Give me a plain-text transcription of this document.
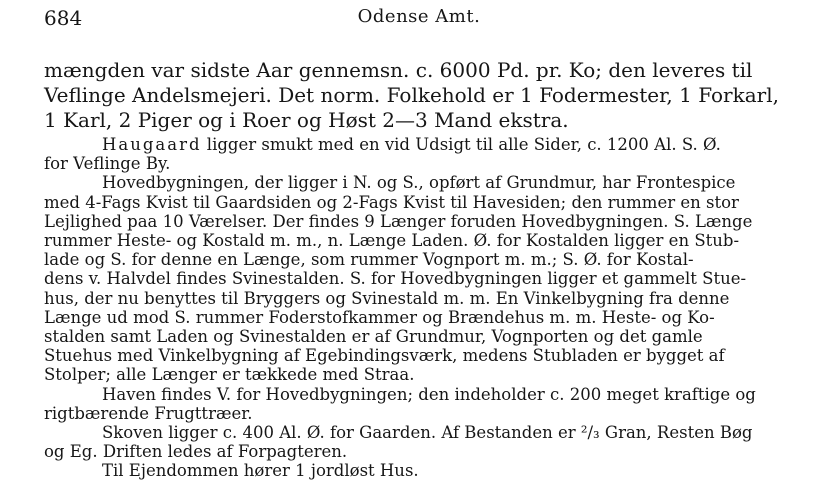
684	Odense Amt.
mængden var sidste Aar gennemsn. c. 6000 Pd. pr. Ko; den leveres til
Veflinge Andelsmejeri. Det norm. Folkehold er 1 Fodermester, 1 Forkarl,
1 Karl, 2 Piger og i Roer og Høst 2—3 Mand ekstra.
Haugaard ligger smukt med en vid Udsigt til alle Sider, c. 1200 Al. S. Ø.
for Veflinge By.
Hovedbygningen, der ligger i N. og S., opført af Grundmur, har Frontespice
med 4-Fags Kvist til Gaardsiden og 2-Fags Kvist til Havesiden; den rummer en stor
Lejlighed paa 10 Værelser. Der findes 9 Længer foruden Hovedbygningen. S. Længe
rummer Heste- og Kostald m. m., n. Længe Laden. Ø. for Kostalden ligger en Stub-
lade og S. for denne en Længe, som rummer Vognport m. m.; S. Ø. for Kostal-
dens v. Halvdel findes Svinestalden. S. for Hovedbygningen ligger et gammelt Stue-
hus, der nu benyttes til Bryggers og Svinestald m. m. En Vinkelbygning fra denne
Længe ud mod S. rummer Foderstofkammer og Brændehus m. m. Heste- og Ko-
stalden samt Laden og Svinestalden er af Grundmur, Vognporten og det gamle
Stuehus med Vinkelbygning af Egebindingsværk, medens Stubladen er bygget af
Stolper; alle Længer er tækkede med Straa.
Haven findes V. for Hovedbygningen; den indeholder c. 200 meget kraftige og
rigtbærende Frugttræer.
Skoven ligger c. 400 Al. Ø. for Gaarden. Af Bestanden er ²/₃ Gran, Resten Bøg
og Eg. Driften ledes af Forpagteren.
Til Ejendommen hører 1 jordløst Hus.
